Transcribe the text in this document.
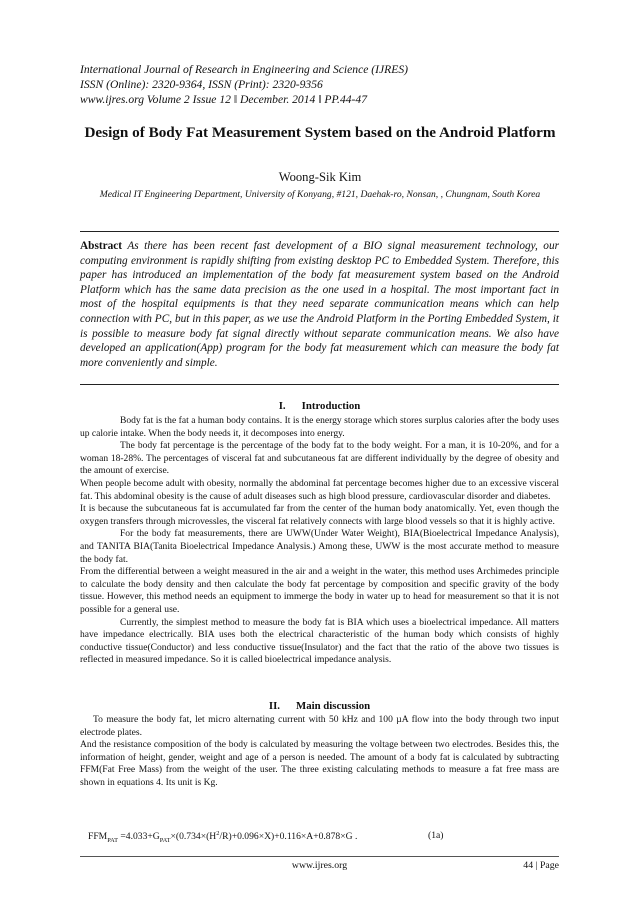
International Journal of Research in Engineering and Science (IJRES)
ISSN (Online): 2320-9364, ISSN (Print): 2320-9356
www.ijres.org Volume 2 Issue 12 ǁ December. 2014 ǁ PP.44-47
Design of Body Fat Measurement System based on the Android Platform
Woong-Sik Kim
Medical IT Engineering Department, University of Konyang, #121, Daehak-ro, Nonsan, , Chungnam, South Korea
Abstract As there has been recent fast development of a BIO signal measurement technology, our computing environment is rapidly shifting from existing desktop PC to Embedded System. Therefore, this paper has introduced an implementation of the body fat measurement system based on the Android Platform which has the same data precision as the one used in a hospital. The most important fact in most of the hospital equipments is that they need separate communication means which can help connection with PC, but in this paper, as we use the Android Platform in the Porting Embedded System, it is possible to measure body fat signal directly without separate communication means. We also have developed an application(App) program for the body fat measurement which can measure the body fat more conveniently and simple.
I. Introduction

Body fat is the fat a human body contains. It is the energy storage which stores surplus calories after the body uses up calorie intake. When the body needs it, it decomposes into energy.

The body fat percentage is the percentage of the body fat to the body weight. For a man, it is 10-20%, and for a woman 18-28%. The percentages of visceral fat and subcutaneous fat are different individually by the degree of obesity and the amount of exercise.

When people become adult with obesity, normally the abdominal fat percentage becomes higher due to an excessive visceral fat. This abdominal obesity is the cause of adult diseases such as high blood pressure, cardiovascular disorder and diabetes.

It is because the subcutaneous fat is accumulated far from the center of the human body anatomically. Yet, even though the oxygen transfers through microvessles, the visceral fat relatively connects with large blood vessels so that it is highly active.

For the body fat measurements, there are UWW(Under Water Weight), BIA(Bioelectrical Impedance Analysis), and TANITA BIA(Tanita Bioelectrical Impedance Analysis.) Among these, UWW is the most accurate method to measure the body fat.

From the differential between a weight measured in the air and a weight in the water, this method uses Archimedes principle to calculate the body density and then calculate the body fat percentage by composition and specific gravity of the body tissue. However, this method needs an equipment to immerge the body in water up to head for measurement so that it is not possible for a general use.

Currently, the simplest method to measure the body fat is BIA which uses a bioelectrical impedance. All matters have impedance electrically. BIA uses both the electrical characteristic of the human body which consists of highly conductive tissue(Conductor) and less conductive tissue(Insulator) and the fact that the ratio of the above two tissues is reflected in measured impedance. So it is called bioelectrical impedance analysis.

II. Main discussion

To measure the body fat, let micro alternating current with 50 kHz and 100 µA flow into the body through two input electrode plates.

And the resistance composition of the body is calculated by measuring the voltage between two electrodes. Besides this, the information of height, gender, weight and age of a person is needed. The amount of a body fat is calculated by subtracting FFM(Fat Free Mass) from the weight of the user. The three existing calculating methods to measure a fat free mass are shown in equations 4. Its unit is Kg.

$FFM_{PAT} =4.033+G_{PAT}\times(0.734\times(H^2/R)+0.096\times X)+0.116\times A+0.878\times G$ .	(1a)
www.ijres.org	44 | Page
